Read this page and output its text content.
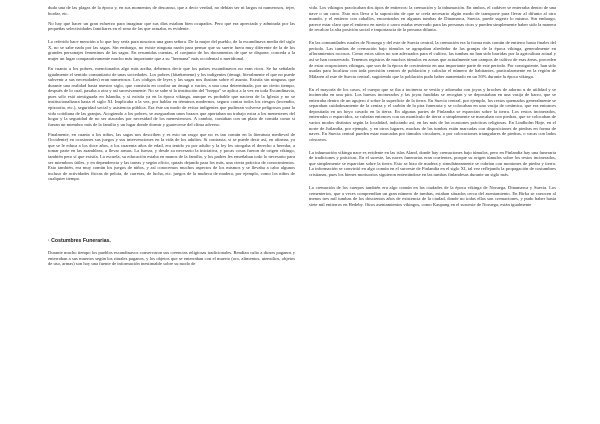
duda una de las plagas de la época y, en sus momentos de descanso, que a decir verdad, no debían ser ni largos ni numerosos, tejer, bordar, etc.

No hay que hacer un gran esfuerzo para imaginar que sus días estaban bien ocupados. Pero que era apreciada y admirada por las pequeñas selectividades familiares en el seno de las que actuaba, es evidente.

Lo referido hace mención a lo que hoy sería para nosotros una gran señora. De la mujer del pueblo, de la escandinava media del siglo X, no se sabe nada por las sagas. Sin embargo, no existe ninguna razón para pensar que su suerte fuera muy diferente de la de los grandes personajes femeninos de las sagas. En resumidas cuentas, el conjunto de los documentos de que se dispone, conceda a la mujer un lugar comparativamente mucho más importante que a su "hermana" más occidental o meridional.

En cuanto a los pobres, mencionados algo más arriba, debemos decir que los países escandinavos no eran ricos. Se ha señalado igualmente el sentido comunitario de unas sociedades. Los pobres (fátækrmenn) y los indigentes (ómagi, literalmente el que no puede subvenir a sus necesidades) eran numerosos. Los códigos de leyes y las sagas nos ilustran sobre el asunto. Existía sin ninguna, que durante una realidad hasta nuestro siglo, que consistía en confiar un ómagi o varios, a una casa determinada, por un cierto tiempo, después de lo cual, pasaba a otra y así sucesivamente. No se sabe si la institución del "hreppr" se aplica a la vez en toda Escandinavia, pues sólo está atestiguada en Islandia, y si existía ya en la época vikinga, aunque es probable que naciera de la Iglesia y no se institucionalizara hasta el siglo XI. Implicaba a la vez, por hablar en términos modernos, seguro contra todos los riesgos (incendio, epizootia, etc.), seguridad social y asistencia pública. Era éste un modo de evitar indigentes que pudieran volverse peligrosos para la vida cotidiana de las granjas. Acogiendo a los pobres, se aseguraban unos brazos que aportaban un trabajo extra a los menesteres del hogar y la seguridad de no ser atacados por necesidad de los menesterosos. A cambio, contaban con un plato de comida como si fueran un miembro más de la familia y un lugar donde dormir y guarecerse del clima adverso.

Finalmente, en cuanto a los niños, las sagas nos describen y es esto un rasgo que no es tan común en la literatura medieval de Occidente) en ocasiones sus juegos y sus intervenciones en la vida de los adultos. Si contrasta, si se puede decir así, en afirmar, ya que se le educa a los doce años, a los cuarenta años de edad, era tenido ya por adulto y la ley les otorgaba el derecho a heredar, a tomar parte en las asambleas, a llevar armas. La fuerza, y desde su necesario la iniciativa, y pocas cosas fueron de origen vikingo, también pero sí que existía. La escuela, su educación estaba en manos de la familia, y los padres les enseñaban todo lo necesario para ser miembros útiles, y en dependencia y las tareas y según oficio, quizás dejando para los más, una cierta práctica de conocimientos. Esto también, era muy común los juegos de niños, y así conocemos muchos aspectos de los mismos y se llevaba a cabo algunos incluso de actividades físicas de pelota, de carreras, de lucha, etc. juegos de la muñeca de madera, por ejemplo, como los niños de cualquier tiempo.

· Costumbres Funerarias.

Durante mucho tiempo los pueblos escandinavos conservaron sus creencias religiosas tradicionales. Rendían culto a dioses paganos y enterraban a sus muertos según los rituales paganos, y los objetos que se enterraban con el muerto (oro, alimentos, utensilios, objetos de uso, armas) son hoy una fuente de información inestimable sobre su modo de

vida. Los vikingos practicaban dos tipos de entierros: la cremación y la inhumación. En ambos, el cadáver se enterraba dentro de una nave o un carro. Esto nos lleva a la suposición de que se creía necesario algún modo de transporte para llevar al difunto al otro mundo, y el entierro con caballos, encontrados en algunas tumbas de Dinamarca, Suecia, puede sugerir lo mismo. Sin embargo, parece estar claro que el entierro en navío o carro estaba reservado para las personas ricas y pueden simplemente haber sido la manera de recalcar la alta posición social e importancia de la persona difunta.

En las comunidades rurales de Noruega y del este de Suecia central, la cremación era la forma más común de entierro hasta finales del período. Las tumbas de cremación bajo túmulos se agrupaban alrededor de las granjas de la época vikinga, generalmente en afloramientos rocosos. Como estos sitios no son adecuados para el cultivo, las tumbas no han sido barridas por la agricultura actual y así se han conservado. Tenemos registros de muchos túmulos en zonas que actualmente son campos de cultivo de esas áreas, proceden de estas ocupaciones vikingas, que son de la época de crecimiento en una importante parte de este periodo. Por consiguiente, han sido usadas para localizar con toda precisión centros de población y calcular el número de habitantes, particularmente en la región de Mälaren al este de Suecia central, sugiriendo que la población pudo haber aumentado en un 50% durante la época vikinga.

En el mayoría de los casos, el cuerpo que se iba a incinerar se vestía y adornaba con joyas y broches de adorno u de utilidad y se incineraba en una pira. Los huesos incinerados y las joyas fundidas se recogían y se depositaban en una vasija de barro, que se enterraba dentro de un agujero ó sobre la superficie de la tierra. En Suecia central, por ejemplo, los restos quemados generalmente se separaban cuidadosamente de la ceniza y el carbón de la pira funeraria y se colocaban en una vasija de cerámica, que era entonces depositada en un hoyo cavado en la tierra. En algunas partes de Finlandia se esparcían sobre la tierra. Los restos incinerados, enterrados o esparcidos, se cubrían entonces con un montículo de tierra o simplemente se marcaban con piedras, que se colocaban de varios modos distintos según la localidad, indicando así, en las más de las ocasiones prácticas religiosas. En Lindholm Høje, en el norte de Jutlandia, por ejemplo, y en otros lugares, muchas de las tumbas están marcadas con disposiciones de piedras en forma de naves. En Suecia central pueden estar marcadas por túmulos circulares, o por colocaciones triangulares de piedras, o vacas con lados cóncavos.

La inhumación vikinga nace es evidente en las islas Aland, donde hay cremaciones bajo túmulos, pero en Finlandia hay una funeraria de tradiciones y prácticas. En el sureste, las naves funerarias eran corrientes, porque su origen túmulos sobre los restos incinerados, que simplemente se esparcían sobre la tierra. Esto se hizo de madera y simultáneamente se cubrían con montones de piedra y tierra. La información se convirtió en algo común en el suroeste de Finlandia en el siglo XI, tal vez reflejando la propagación de costumbres cristianas, pues los bienes mortuorios siguieron enterrándose en las tumbas finlandesas durante un siglo más.

La cremación de los cuerpos también era algo común en las ciudades de la época vikinga de Noruega, Dinamarca y Suecia. Los cementerios, que a veces comprendían un gran número de tumbas, estaban situados cerca del asentamiento. En Birka se conocen al menos tres mil tumbas de los doscientos años de existencia de la ciudad, donde no todas ellas son cremaciones, y pudo haber hasta siete mil entierros en Hedeby. Otros asentamientos vikingos, como Kaupang en el suroeste de Noruega, están igualmente
